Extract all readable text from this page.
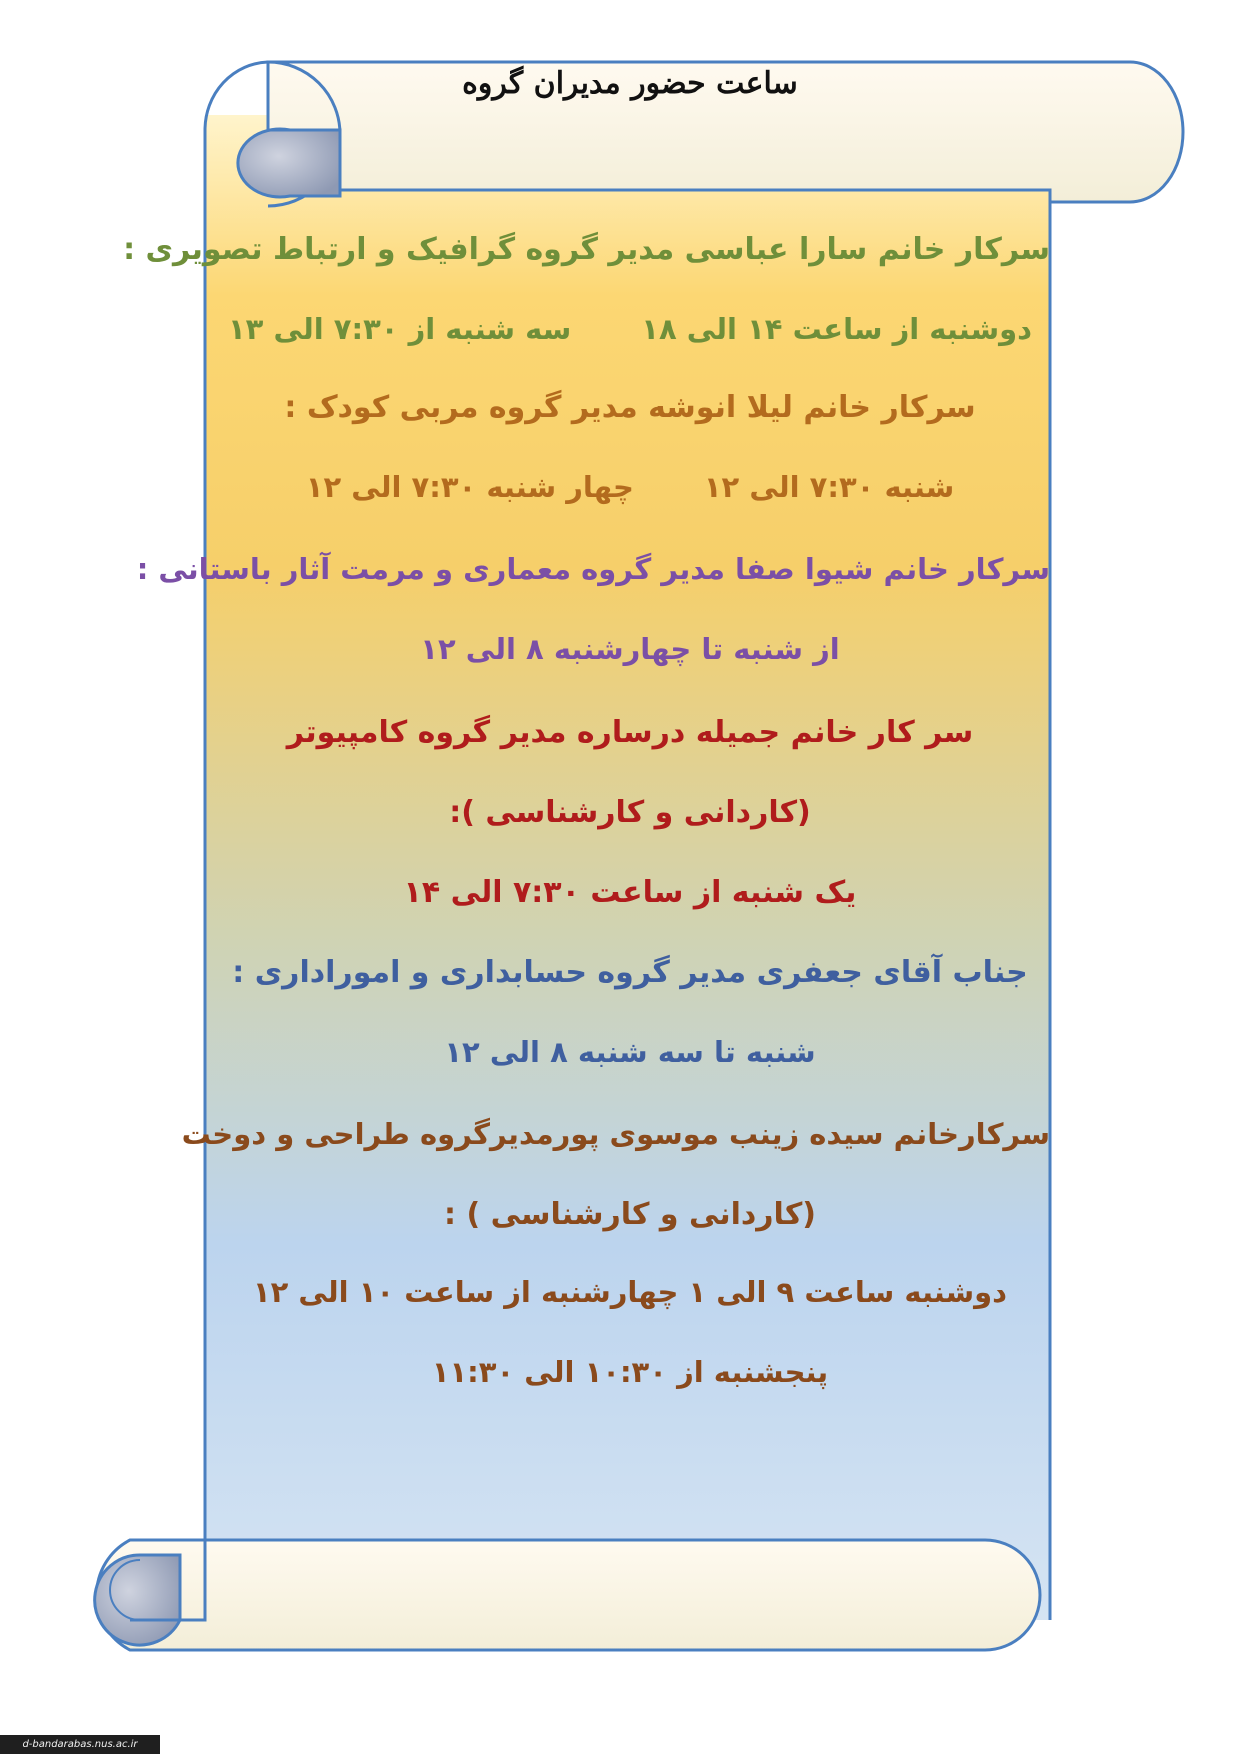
ساعت حضور مدیران گروه
سرکار خانم سارا عباسی مدیر گروه گرافیک و ارتباط تصویری :
دوشنبه از ساعت ۱۴ الی ۱۸سه شنبه از ۷:۳۰ الی ۱۳
سرکار خانم لیلا انوشه مدیر گروه مربی کودک :
شنبه ۷:۳۰ الی ۱۲چهار شنبه ۷:۳۰ الی ۱۲
سرکار خانم شیوا صفا مدیر گروه معماری و مرمت آثار باستانی :
از شنبه تا چهارشنبه ۸ الی ۱۲
سر کار خانم جمیله درساره مدیر گروه کامپیوتر
(کاردانی و کارشناسی ):
یک شنبه از ساعت ۷:۳۰ الی ۱۴
جناب آقای جعفری مدیر گروه حسابداری و اموراداری :
شنبه تا سه شنبه ۸ الی ۱۲
سرکارخانم سیده زینب موسوی پورمدیرگروه طراحی و دوخت
(کاردانی و کارشناسی ) :
دوشنبه ساعت ۹ الی ۱ چهارشنبه از ساعت ۱۰ الی ۱۲
پنجشنبه از ۱۰:۳۰ الی ۱۱:۳۰
d-bandarabas.nus.ac.ir
